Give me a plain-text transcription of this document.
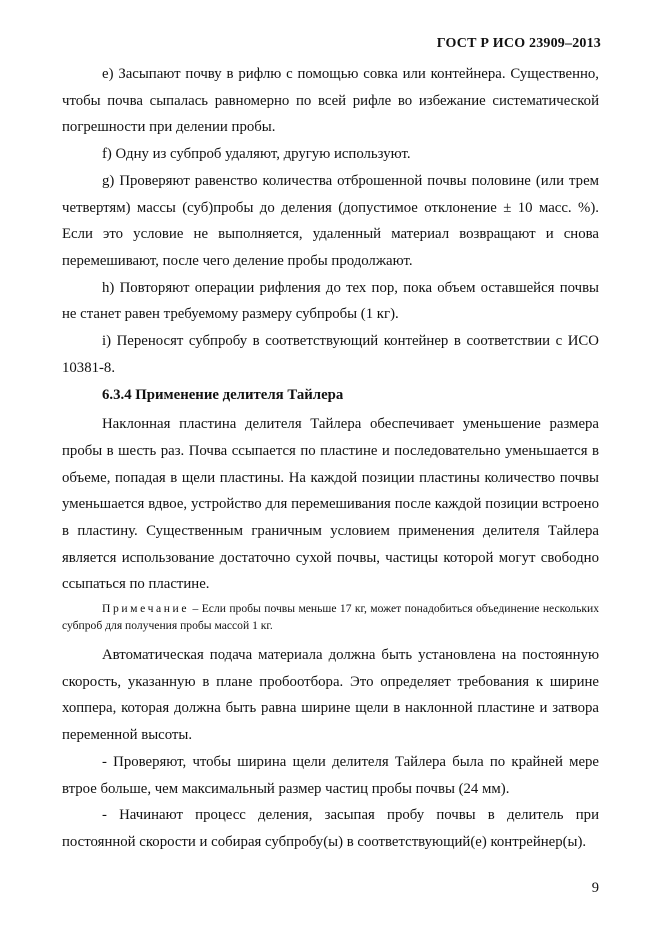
ГОСТ Р ИСО 23909–2013

е) Засыпают почву в рифлю с помощью совка или контейнера. Существенно, чтобы почва сыпалась равномерно по всей рифле во избежание систематической погрешности при делении пробы.

f) Одну из субпроб удаляют, другую используют.

g) Проверяют равенство количества отброшенной почвы половине (или трем четвертям) массы (суб)пробы до деления (допустимое отклонение ± 10 масс. %). Если это условие не выполняется, удаленный материал возвращают и снова перемешивают, после чего деление пробы продолжают.

h) Повторяют операции рифления до тех пор, пока объем оставшейся почвы не станет равен требуемому размеру субпробы (1 кг).

i) Переносят субпробу в соответствующий контейнер в соответствии с ИСО 10381-8.

6.3.4 Применение делителя Тайлера

Наклонная пластина делителя Тайлера обеспечивает уменьшение размера пробы в шесть раз. Почва ссыпается по пластине и последовательно уменьшается в объеме, попадая в щели пластины. На каждой позиции пластины количество почвы уменьшается вдвое, устройство для перемешивания после каждой позиции встроено в пластину. Существенным граничным условием применения делителя Тайлера является использование достаточно сухой почвы, частицы которой могут свободно ссыпаться по пластине.

Примечание – Если пробы почвы меньше 17 кг, может понадобиться объединение нескольких субпроб для получения пробы массой 1 кг.

Автоматическая подача материала должна быть установлена на постоянную скорость, указанную в плане пробоотбора. Это определяет требования к ширине хоппера, которая должна быть равна ширине щели в наклонной пластине и затвора переменной высоты.

- Проверяют, чтобы ширина щели делителя Тайлера была по крайней мере втрое больше, чем максимальный размер частиц пробы почвы (24 мм).

- Начинают процесс деления, засыпая пробу почвы в делитель при постоянной скорости и собирая субпробу(ы) в соответствующий(е) контрейнер(ы).

9
